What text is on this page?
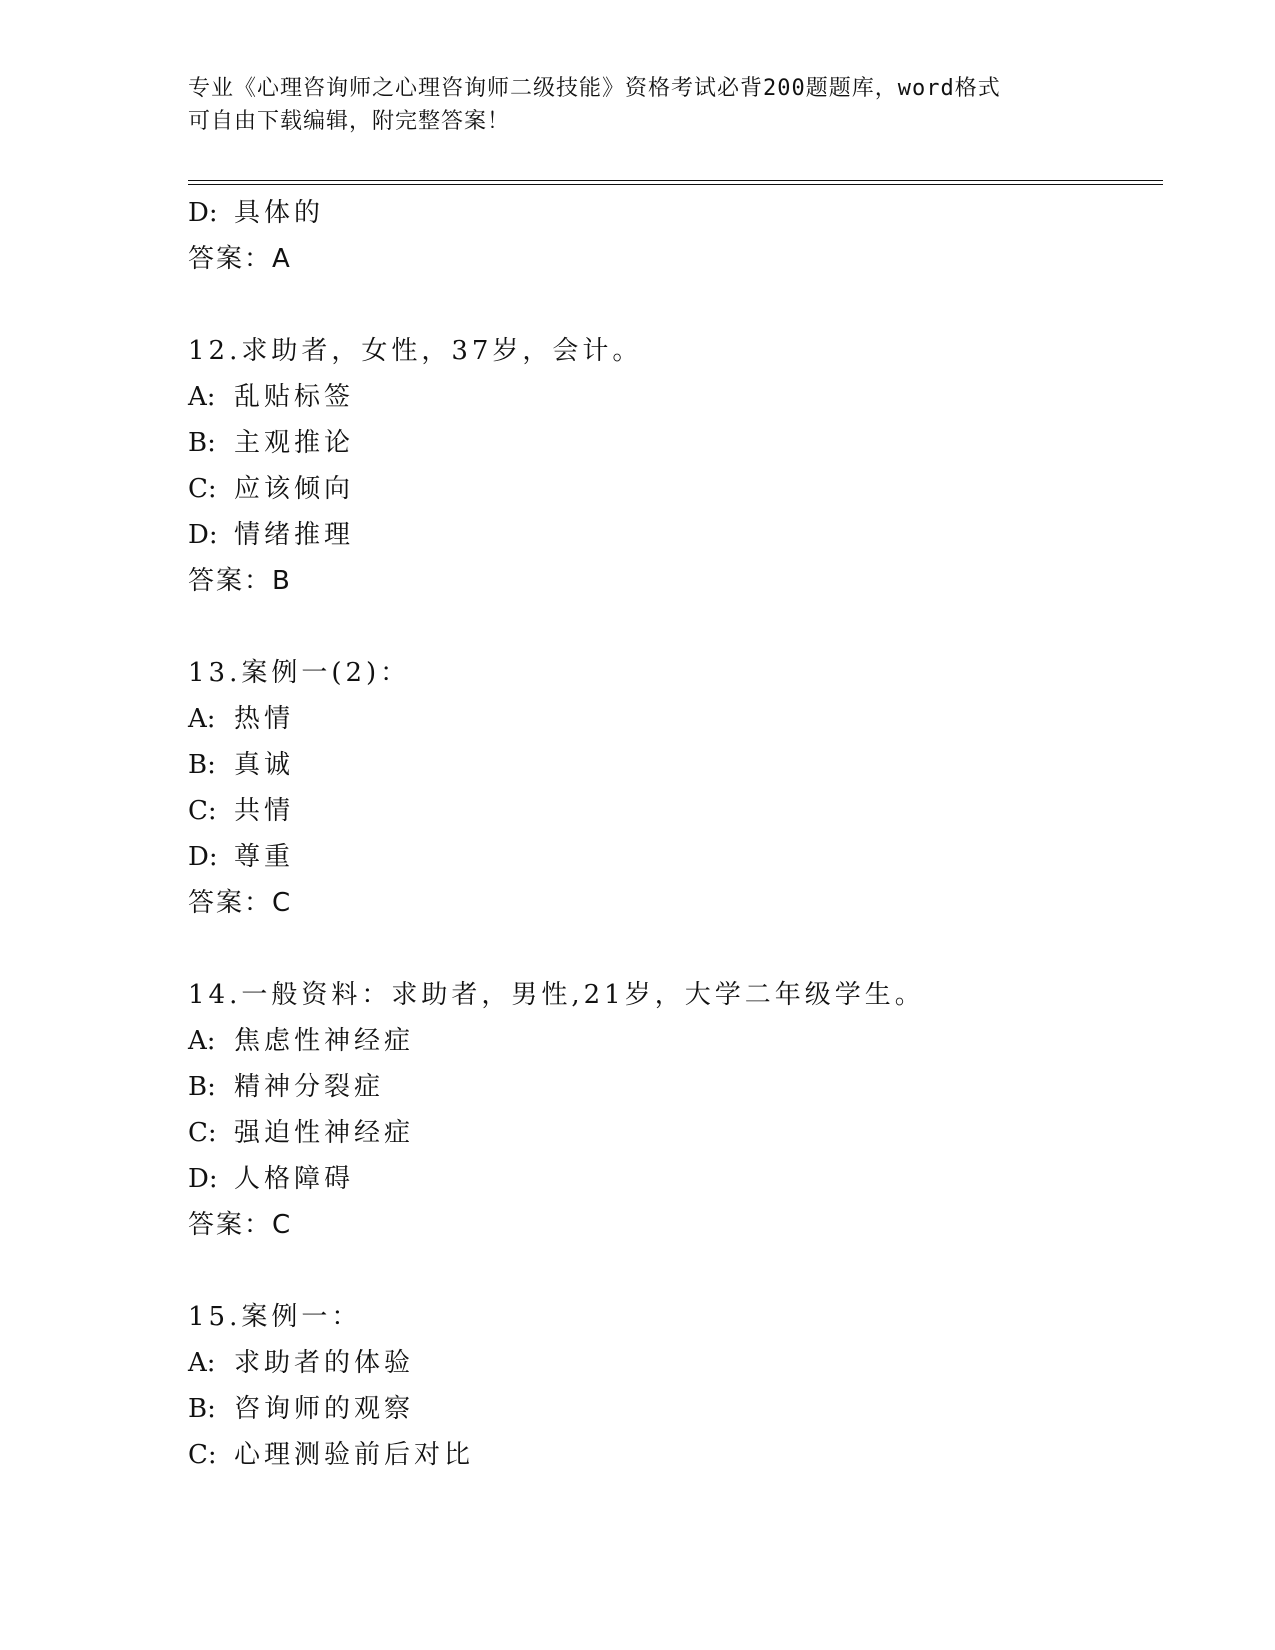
专业《心理咨询师之心理咨询师二级技能》资格考试必背200题题库，word格式
可自由下载编辑，附完整答案！
D: 具体的
答案：A
12.求助者，女性，37岁，会计。
A: 乱贴标签
B: 主观推论
C: 应该倾向
D: 情绪推理
答案：B
13.案例一(2)：
A: 热情
B: 真诚
C: 共情
D: 尊重
答案：C
14.一般资料：求助者，男性,21岁，大学二年级学生。
A: 焦虑性神经症
B: 精神分裂症
C: 强迫性神经症
D: 人格障碍
答案：C
15.案例一：
A: 求助者的体验
B: 咨询师的观察
C: 心理测验前后对比
